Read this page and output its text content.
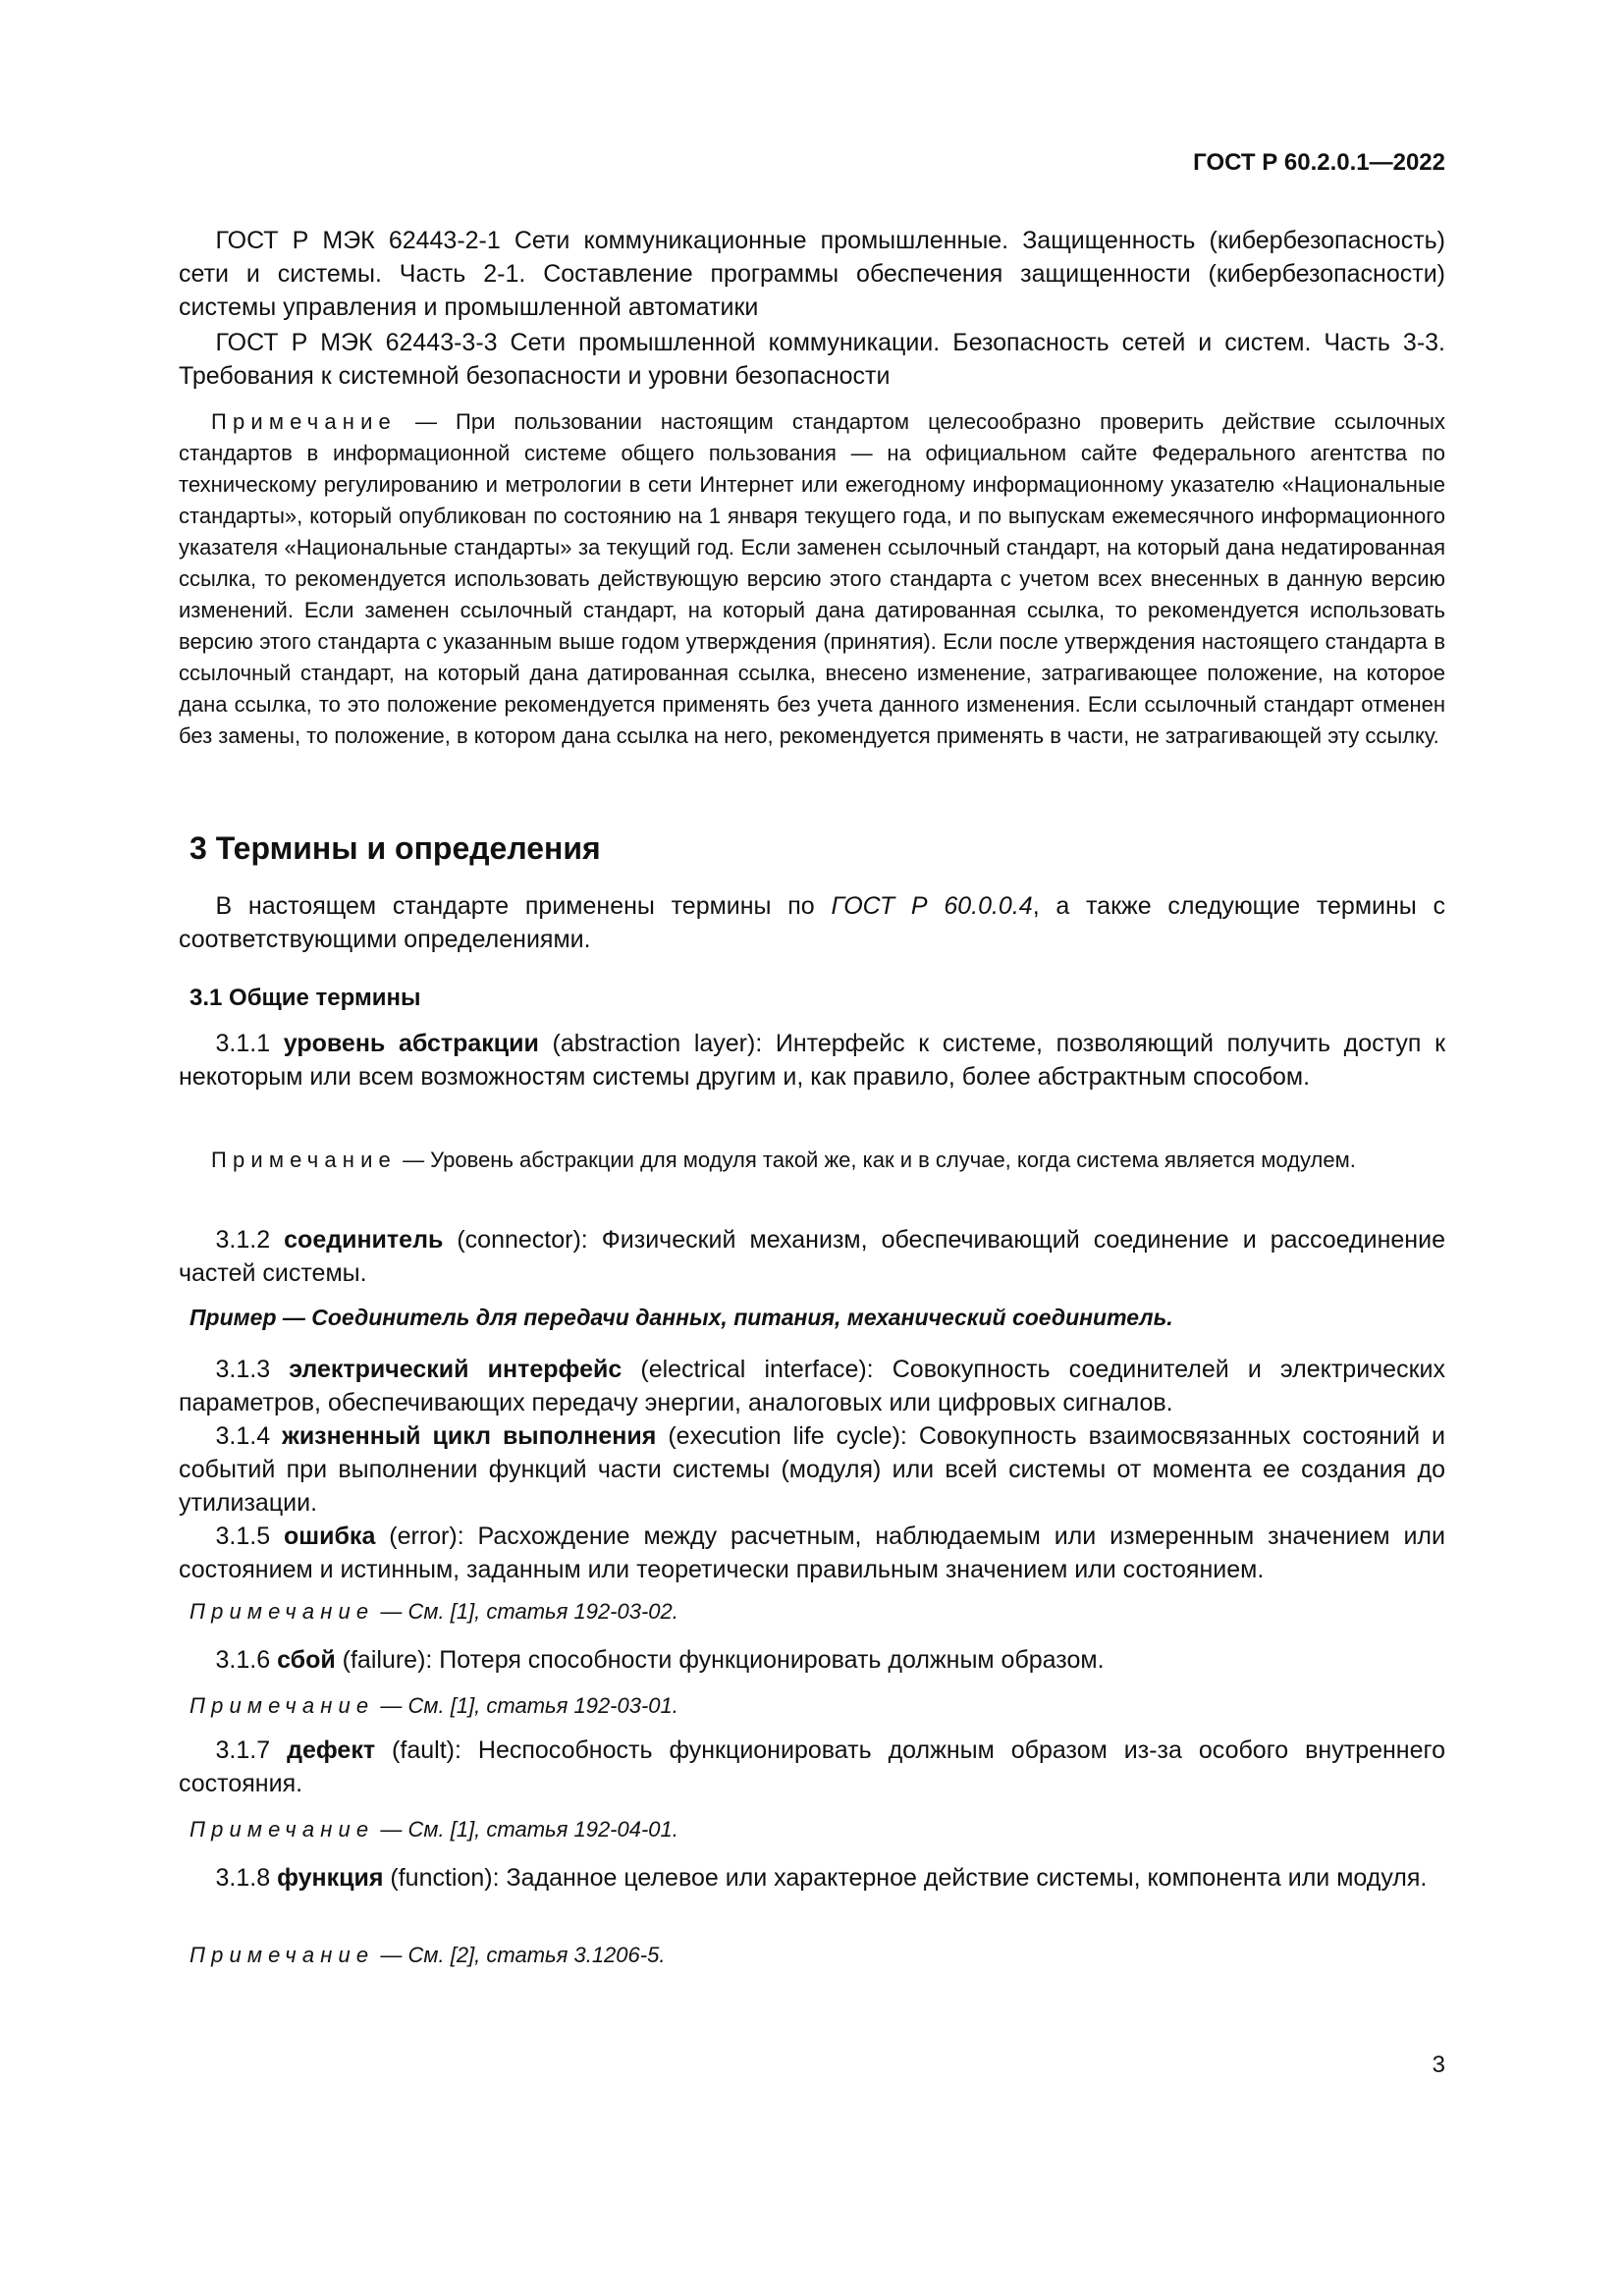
ГОСТ Р 60.2.0.1—2022
ГОСТ Р МЭК 62443-2-1 Сети коммуникационные промышленные. Защищенность (кибербезопасность) сети и системы. Часть 2-1. Составление программы обеспечения защищенности (кибербезопасности) системы управления и промышленной автоматики
ГОСТ Р МЭК 62443-3-3 Сети промышленной коммуникации. Безопасность сетей и систем. Часть 3-3. Требования к системной безопасности и уровни безопасности
Примечание — При пользовании настоящим стандартом целесообразно проверить действие ссылочных стандартов в информационной системе общего пользования — на официальном сайте Федерального агентства по техническому регулированию и метрологии в сети Интернет или ежегодному информационному указателю «Национальные стандарты», который опубликован по состоянию на 1 января текущего года, и по выпускам ежемесячного информационного указателя «Национальные стандарты» за текущий год. Если заменен ссылочный стандарт, на который дана недатированная ссылка, то рекомендуется использовать действующую версию этого стандарта с учетом всех внесенных в данную версию изменений. Если заменен ссылочный стандарт, на который дана датированная ссылка, то рекомендуется использовать версию этого стандарта с указанным выше годом утверждения (принятия). Если после утверждения настоящего стандарта в ссылочный стандарт, на который дана датированная ссылка, внесено изменение, затрагивающее положение, на которое дана ссылка, то это положение рекомендуется применять без учета данного изменения. Если ссылочный стандарт отменен без замены, то положение, в котором дана ссылка на него, рекомендуется применять в части, не затрагивающей эту ссылку.
3 Термины и определения
В настоящем стандарте применены термины по ГОСТ Р 60.0.0.4, а также следующие термины с соответствующими определениями.
3.1 Общие термины
3.1.1 уровень абстракции (abstraction layer): Интерфейс к системе, позволяющий получить доступ к некоторым или всем возможностям системы другим и, как правило, более абстрактным способом.
Примечание — Уровень абстракции для модуля такой же, как и в случае, когда система является модулем.
3.1.2 соединитель (connector): Физический механизм, обеспечивающий соединение и рассоединение частей системы.
Пример — Соединитель для передачи данных, питания, механический соединитель.
3.1.3 электрический интерфейс (electrical interface): Совокупность соединителей и электрических параметров, обеспечивающих передачу энергии, аналоговых или цифровых сигналов.
3.1.4 жизненный цикл выполнения (execution life cycle): Совокупность взаимосвязанных состояний и событий при выполнении функций части системы (модуля) или всей системы от момента ее создания до утилизации.
3.1.5 ошибка (error): Расхождение между расчетным, наблюдаемым или измеренным значением или состоянием и истинным, заданным или теоретически правильным значением или состоянием.
Примечание — См. [1], статья 192-03-02.
3.1.6 сбой (failure): Потеря способности функционировать должным образом.
Примечание — См. [1], статья 192-03-01.
3.1.7 дефект (fault): Неспособность функционировать должным образом из-за особого внутреннего состояния.
Примечание — См. [1], статья 192-04-01.
3.1.8 функция (function): Заданное целевое или характерное действие системы, компонента или модуля.
Примечание — См. [2], статья 3.1206-5.
3
